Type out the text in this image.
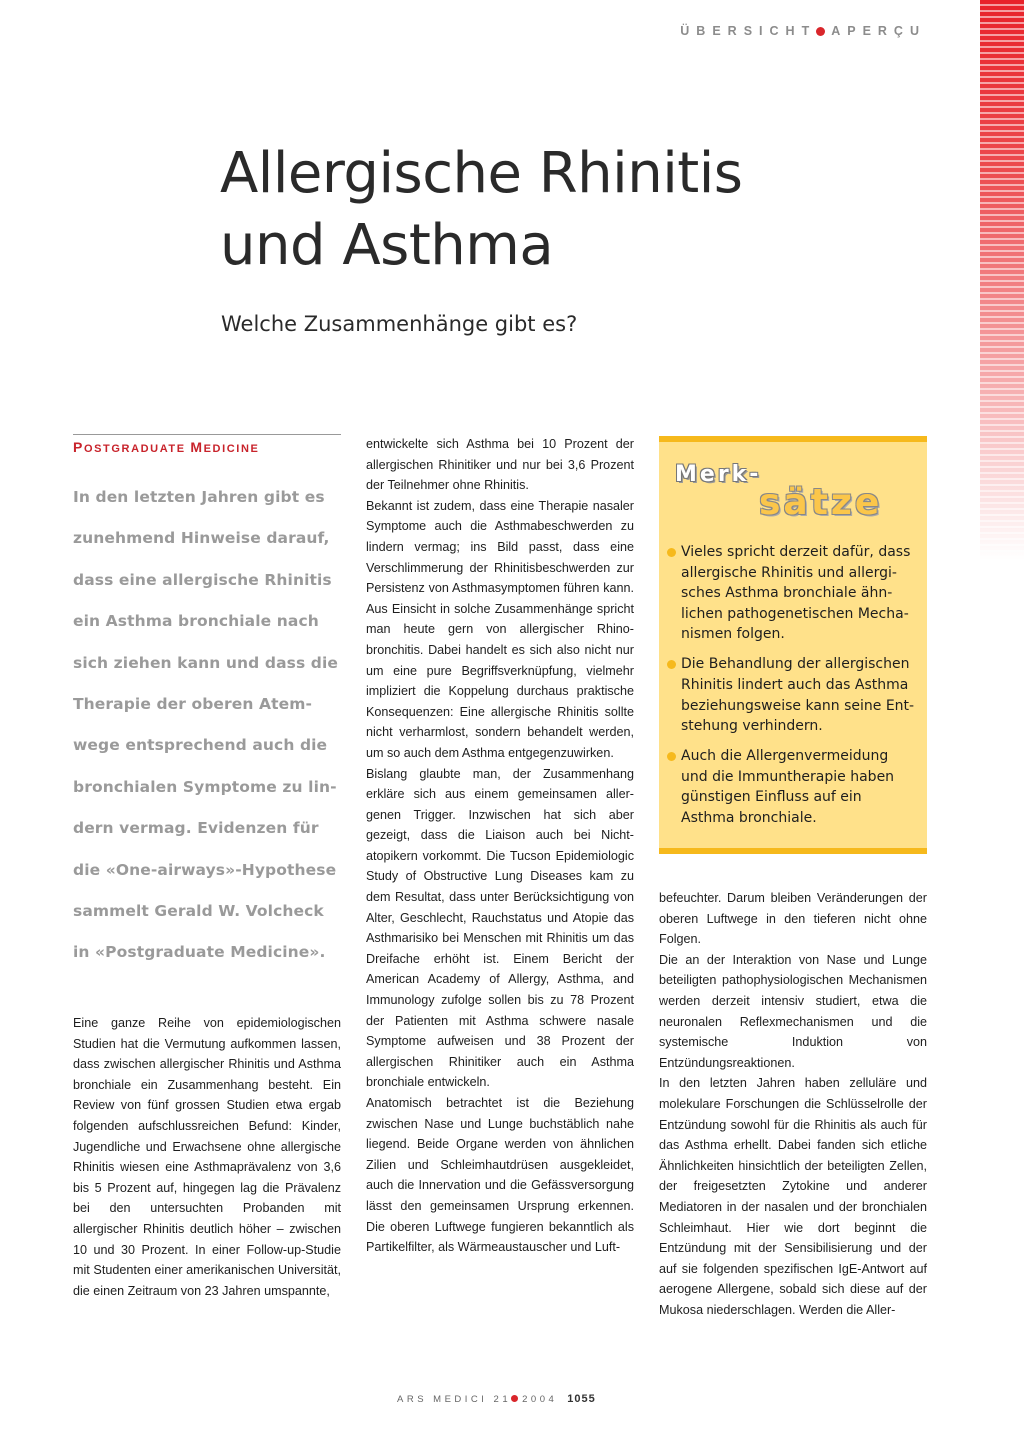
ÜBERSICHT APERÇU
Allergische Rhinitis
und Asthma
Welche Zusammenhänge gibt es?
POSTGRADUATE MEDICINE
In den letzten Jahren gibt es
zunehmend Hinweise darauf,
dass eine allergische Rhinitis
ein Asthma bronchiale nach
sich ziehen kann und dass die
Therapie der oberen Atem-
wege entsprechend auch die
bronchialen Symptome zu lin-
dern vermag. Evidenzen für
die «One-airways»-Hypothese
sammelt Gerald W. Volcheck
in «Postgraduate Medicine».

Eine ganze Reihe von epidemiologischen Studien hat die Vermutung aufkommen lassen, dass zwischen allergischer Rhinitis und Asthma bronchiale ein Zusammenhang besteht. Ein Review von fünf grossen Studien etwa ergab folgenden aufschlussreichen Befund: Kinder, Jugendliche und Erwachsene ohne allergische Rhinitis wiesen eine Asthmaprävalenz von 3,6 bis 5 Prozent auf, hingegen lag die Prävalenz bei den untersuchten Probanden mit allergischer Rhinitis deutlich höher – zwischen 10 und 30 Prozent. In einer Follow-up-Studie mit Studenten einer amerikanischen Universität, die einen Zeitraum von 23 Jahren umspannte,

entwickelte sich Asthma bei 10 Prozent der allergischen Rhinitiker und nur bei 3,6 Prozent der Teilnehmer ohne Rhinitis.

Bekannt ist zudem, dass eine Therapie nasaler Symptome auch die Asthmabeschwerden zu lindern vermag; ins Bild passt, dass eine Verschlimmerung der Rhinitisbeschwerden zur Persistenz von Asthmasymptomen führen kann. Aus Einsicht in solche Zusammenhänge spricht man heute gern von allergischer Rhinobronchitis. Dabei handelt es sich also nicht nur um eine pure Begriffsverknüpfung, vielmehr impliziert die Koppelung durchaus praktische Konsequenzen: Eine allergische Rhinitis sollte nicht verharmlost, sondern behandelt werden, um so auch dem Asthma entgegenzuwirken.

Bislang glaubte man, der Zusammenhang erkläre sich aus einem gemeinsamen allergenen Trigger. Inzwischen hat sich aber gezeigt, dass die Liaison auch bei Nichtatopikern vorkommt. Die Tucson Epidemiologic Study of Obstructive Lung Diseases kam zu dem Resultat, dass unter Berücksichtigung von Alter, Geschlecht, Rauchstatus und Atopie das Asthmarisiko bei Menschen mit Rhinitis um das Dreifache erhöht ist. Einem Bericht der American Academy of Allergy, Asthma, and Immunology zufolge sollen bis zu 78 Prozent der Patienten mit Asthma schwere nasale Symptome aufweisen und 38 Prozent der allergischen Rhinitiker auch ein Asthma bronchiale entwickeln.

Anatomisch betrachtet ist die Beziehung zwischen Nase und Lunge buchstäblich nahe liegend. Beide Organe werden von ähnlichen Zilien und Schleimhautdrüsen ausgekleidet, auch die Innervation und die Gefässversorgung lässt den gemeinsamen Ursprung erkennen. Die oberen Luftwege fungieren bekanntlich als Partikelfilter, als Wärmeaustauscher und Luft-

Merk-
sätze
Vieles spricht derzeit dafür, dass
allergische Rhinitis und allergi-
sches Asthma bronchiale ähn-
lichen pathogenetischen Mecha-
nismen folgen.
Die Behandlung der allergischen
Rhinitis lindert auch das Asthma
beziehungsweise kann seine Ent-
stehung verhindern.
Auch die Allergenvermeidung
und die Immuntherapie haben
günstigen Einfluss auf ein
Asthma bronchiale.

befeuchter. Darum bleiben Veränderungen der oberen Luftwege in den tieferen nicht ohne Folgen.

Die an der Interaktion von Nase und Lunge beteiligten pathophysiologischen Mechanismen werden derzeit intensiv studiert, etwa die neuronalen Reflexmechanismen und die systemische Induktion von Entzündungsreaktionen.

In den letzten Jahren haben zelluläre und molekulare Forschungen die Schlüsselrolle der Entzündung sowohl für die Rhinitis als auch für das Asthma erhellt. Dabei fanden sich etliche Ähnlichkeiten hinsichtlich der beteiligten Zellen, der freigesetzten Zytokine und anderer Mediatoren in der nasalen und der bronchialen Schleimhaut. Hier wie dort beginnt die Entzündung mit der Sensibilisierung und der auf sie folgenden spezifischen IgE-Antwort auf aerogene Allergene, sobald sich diese auf der Mukosa niederschlagen. Werden die Aller-

ARS MEDICI 21 2004 1055
